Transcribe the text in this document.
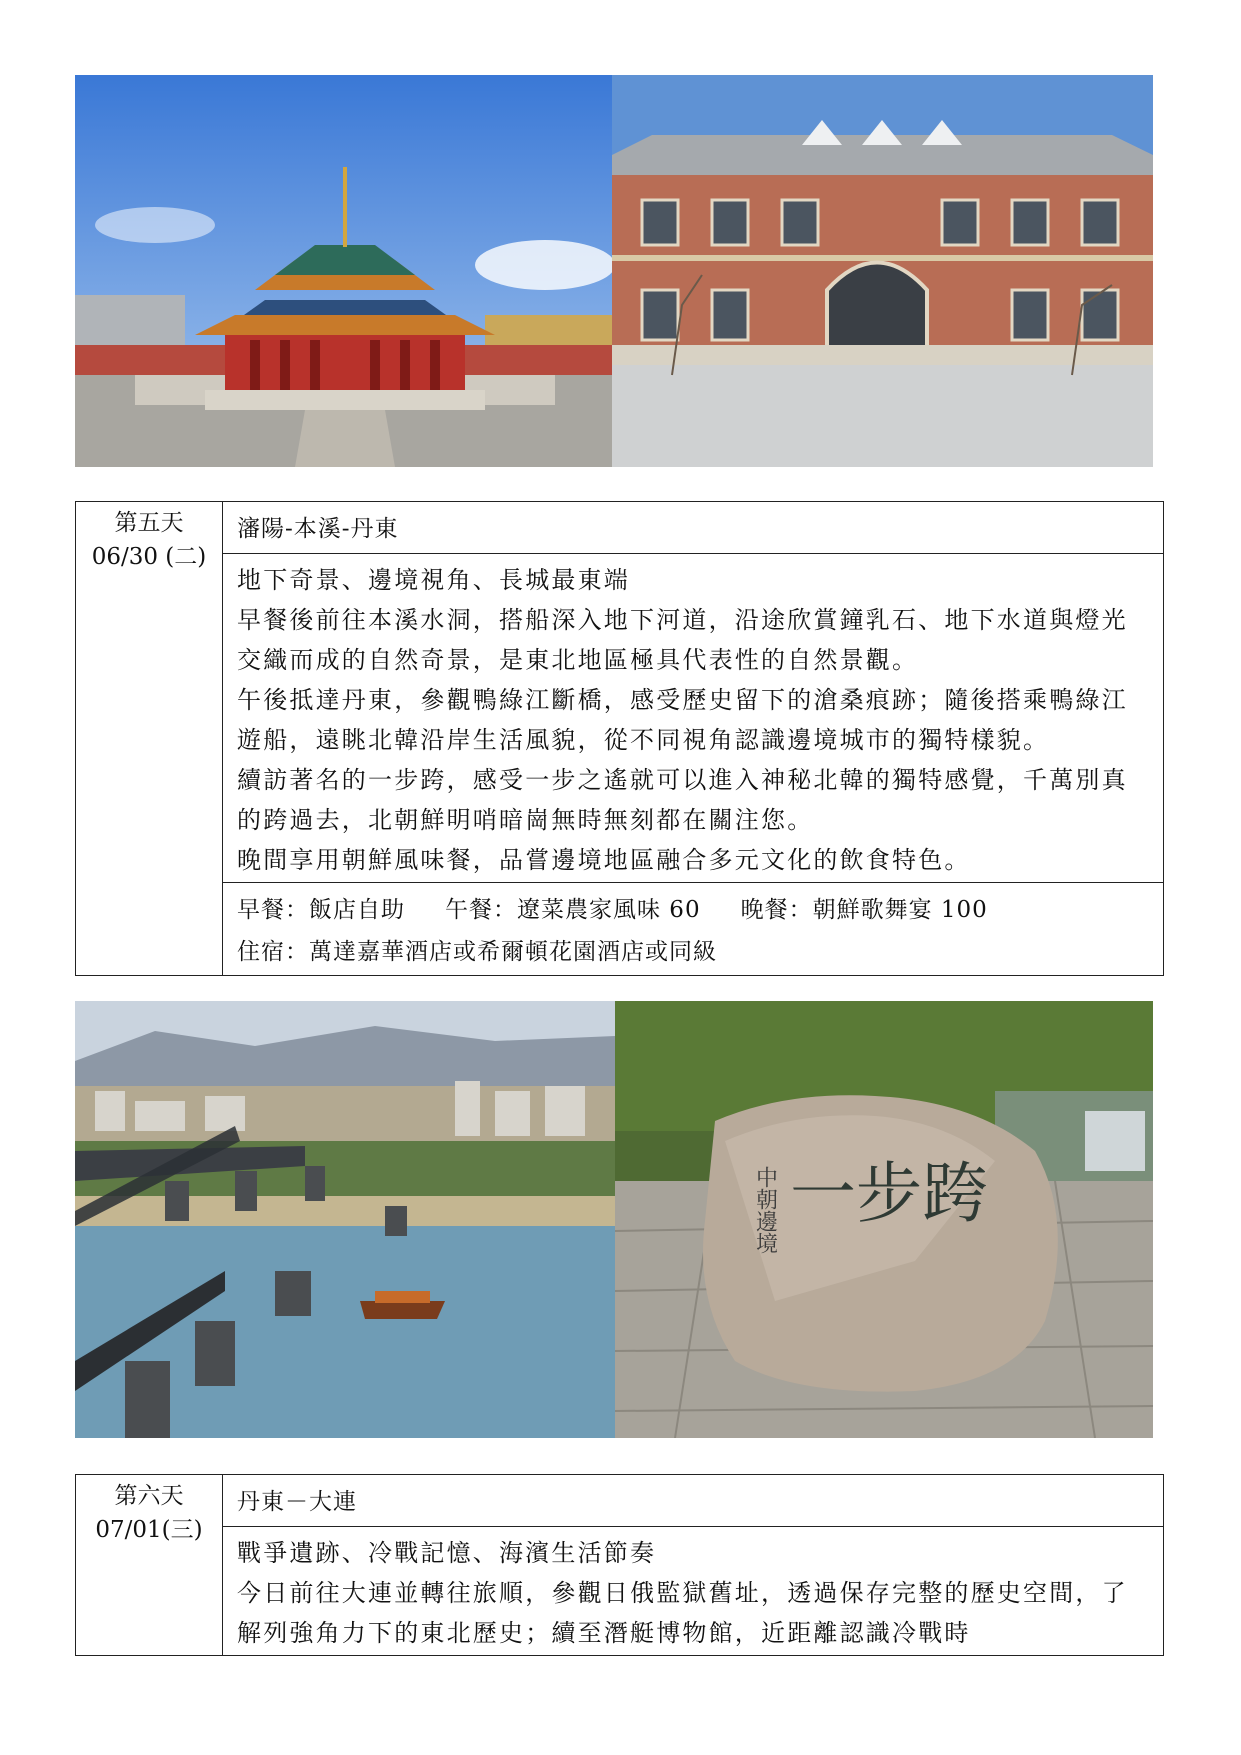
第五天
06/30 (二)
	瀋陽-本溪-丹東

地下奇景、邊境視角、長城最東端

早餐後前往本溪水洞，搭船深入地下河道，沿途欣賞鐘乳石、地下水道與燈光交織而成的自然奇景，是東北地區極具代表性的自然景觀。

午後抵達丹東，參觀鴨綠江斷橋，感受歷史留下的滄桑痕跡；隨後搭乘鴨綠江遊船，遠眺北韓沿岸生活風貌，從不同視角認識邊境城市的獨特樣貌。

續訪著名的一步跨，感受一步之遙就可以進入神秘北韓的獨特感覺，千萬別真的跨過去，北朝鮮明哨暗崗無時無刻都在關注您。

晚間享用朝鮮風味餐，品嘗邊境地區融合多元文化的飲食特色。

早餐：飯店自助 午餐：遼菜農家風味 60 晚餐：朝鮮歌舞宴 100

住宿：萬達嘉華酒店或希爾頓花園酒店或同級

一步跨
中朝邊境
第六天
07/01(三)
	丹東－大連

戰爭遺跡、冷戰記憶、海濱生活節奏

今日前往大連並轉往旅順，參觀日俄監獄舊址，透過保存完整的歷史空間，了解列強角力下的東北歷史；續至潛艇博物館，近距離認識冷戰時
